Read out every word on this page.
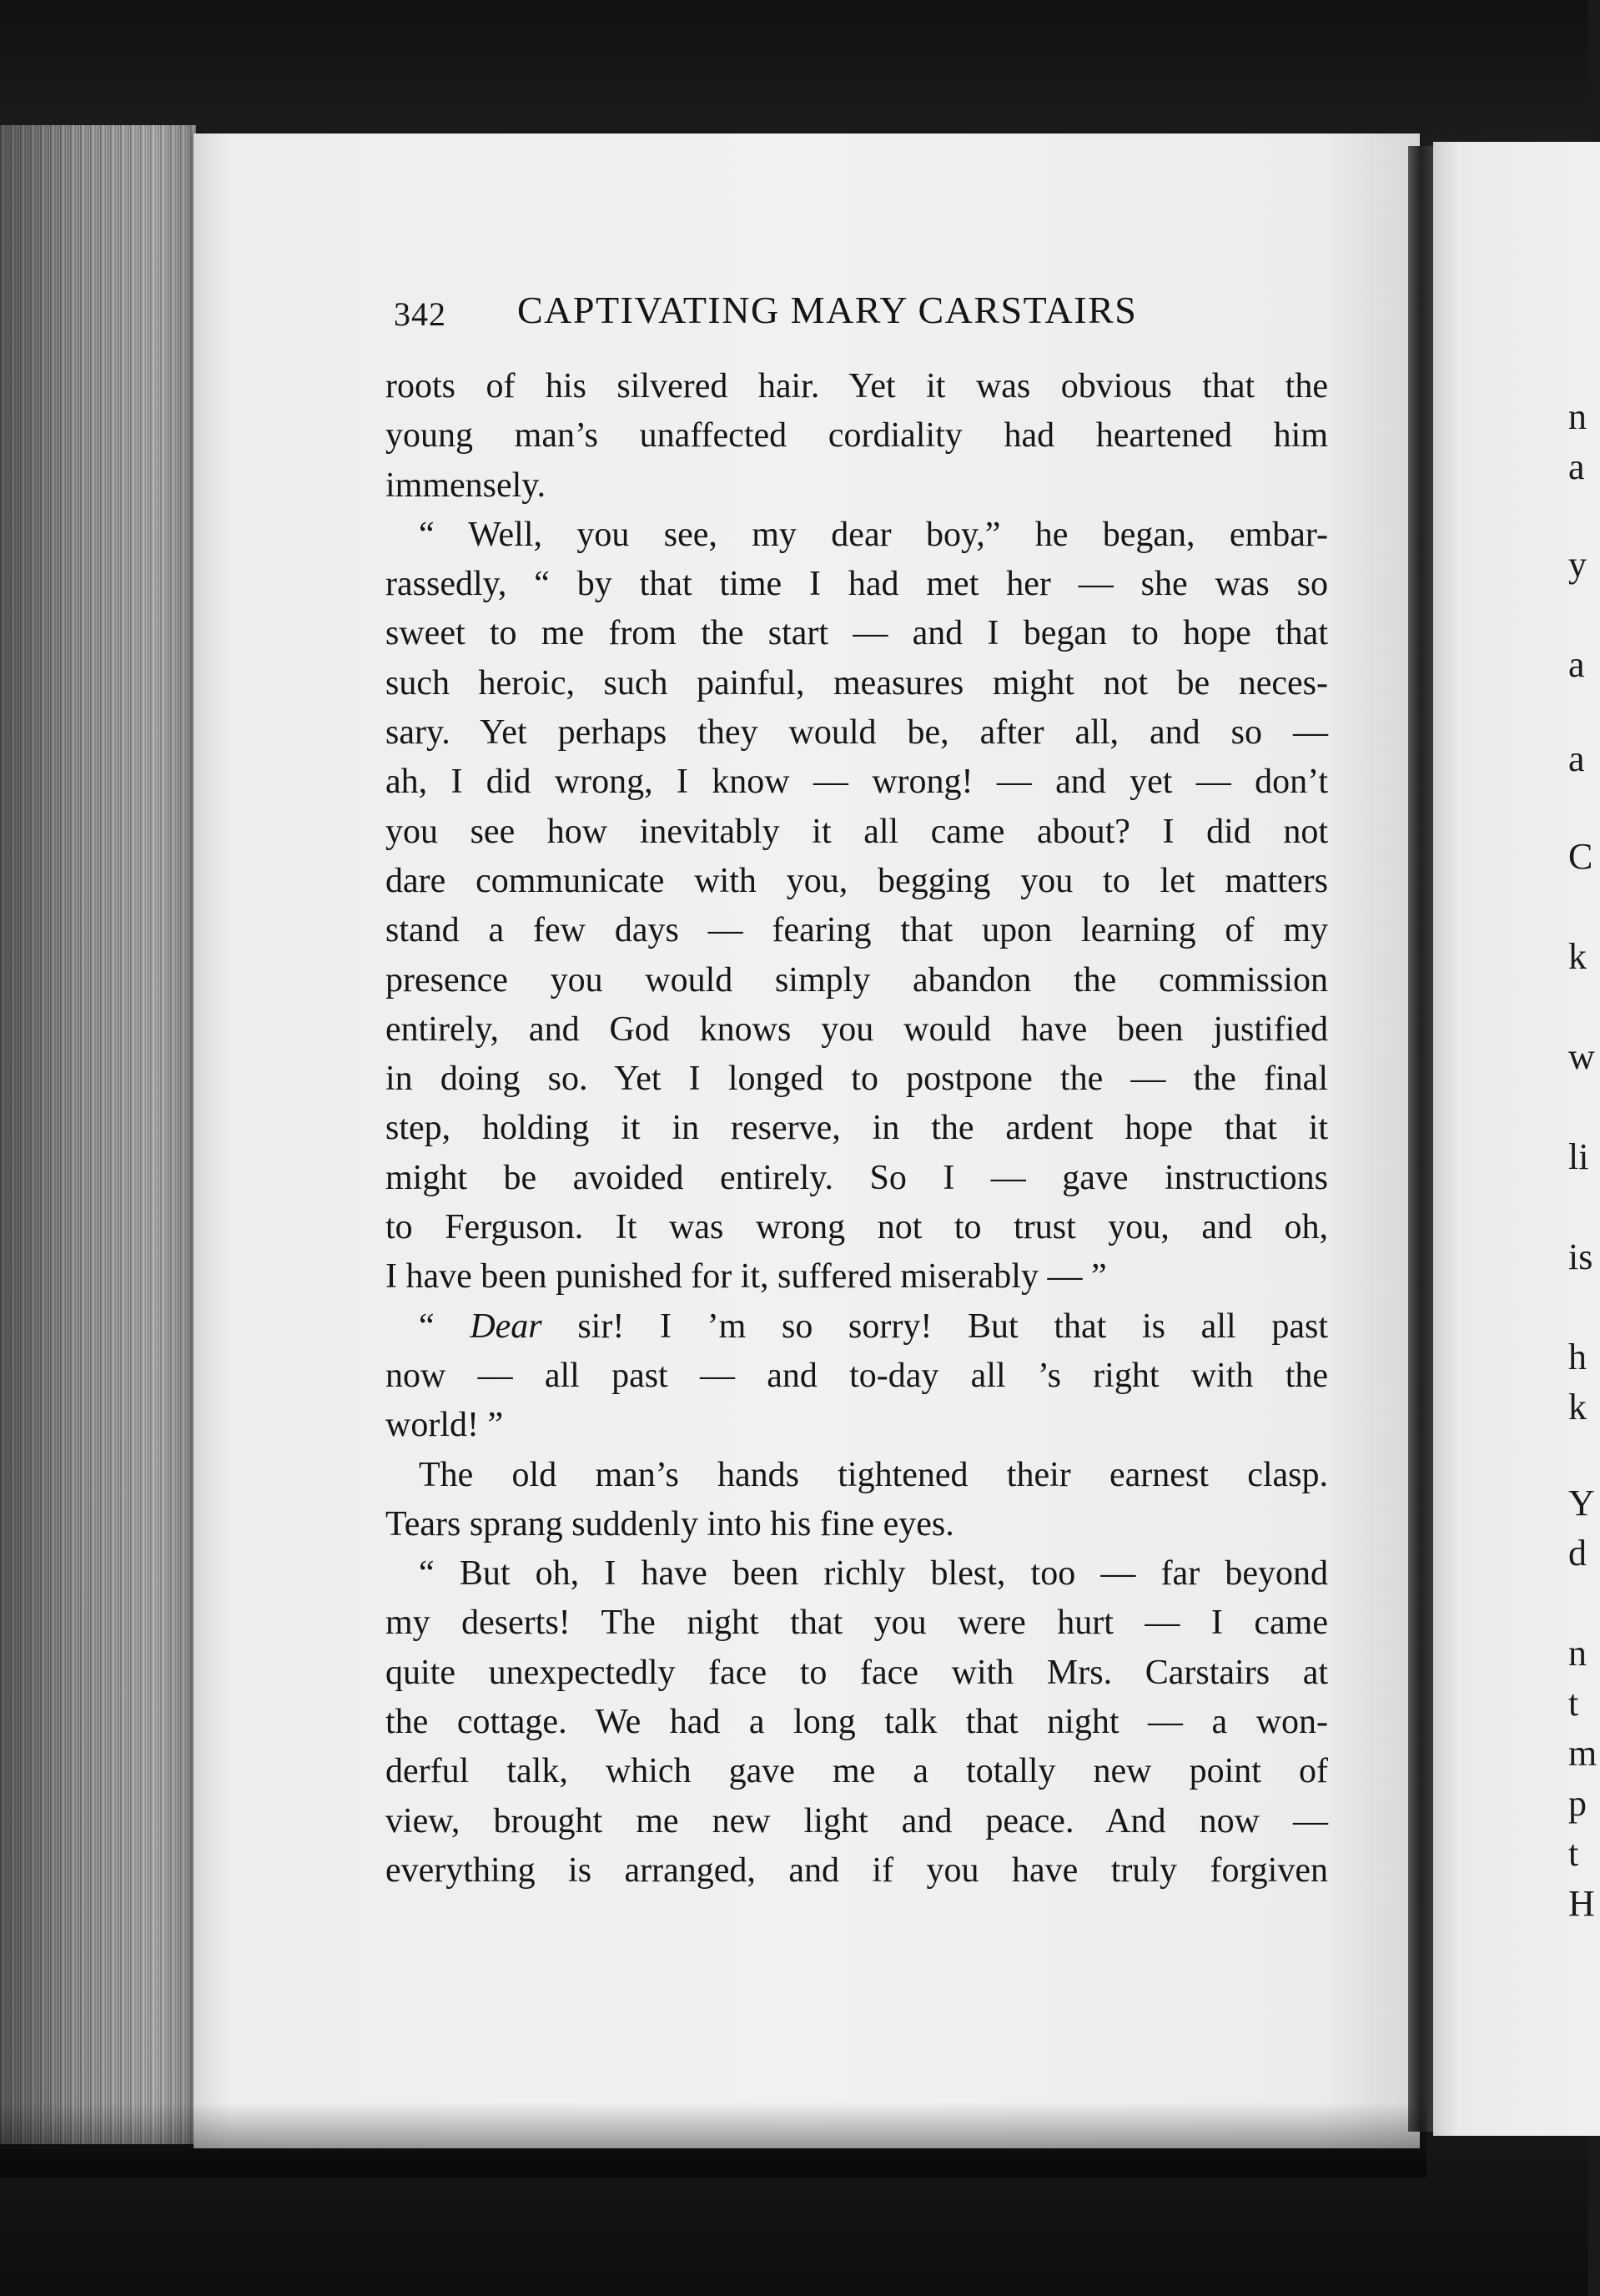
n
a
y
a
a
C
k
w
li
is
h
k
Y
d
n
t
m
p
t
H
342 CAPTIVATING MARY CARSTAIRS
roots of his silvered hair. Yet it was obvious that the
young man’s unaffected cordiality had heartened him
immensely.
“ Well, you see, my dear boy,” he began, embar-
rassedly, “ by that time I had met her — she was so
sweet to me from the start — and I began to hope that
such heroic, such painful, measures might not be neces-
sary. Yet perhaps they would be, after all, and so —
ah, I did wrong, I know — wrong! — and yet — don’t
you see how inevitably it all came about? I did not
dare communicate with you, begging you to let matters
stand a few days — fearing that upon learning of my
presence you would simply abandon the commission
entirely, and God knows you would have been justified
in doing so. Yet I longed to postpone the — the final
step, holding it in reserve, in the ardent hope that it
might be avoided entirely. So I — gave instructions
to Ferguson. It was wrong not to trust you, and oh,
I have been punished for it, suffered miserably — ”
“ Dear sir! I ’m so sorry! But that is all past
now — all past — and to-day all ’s right with the
world! ”
The old man’s hands tightened their earnest clasp.
Tears sprang suddenly into his fine eyes.
“ But oh, I have been richly blest, too — far beyond
my deserts! The night that you were hurt — I came
quite unexpectedly face to face with Mrs. Carstairs at
the cottage. We had a long talk that night — a won-
derful talk, which gave me a totally new point of
view, brought me new light and peace. And now —
everything is arranged, and if you have truly forgiven
